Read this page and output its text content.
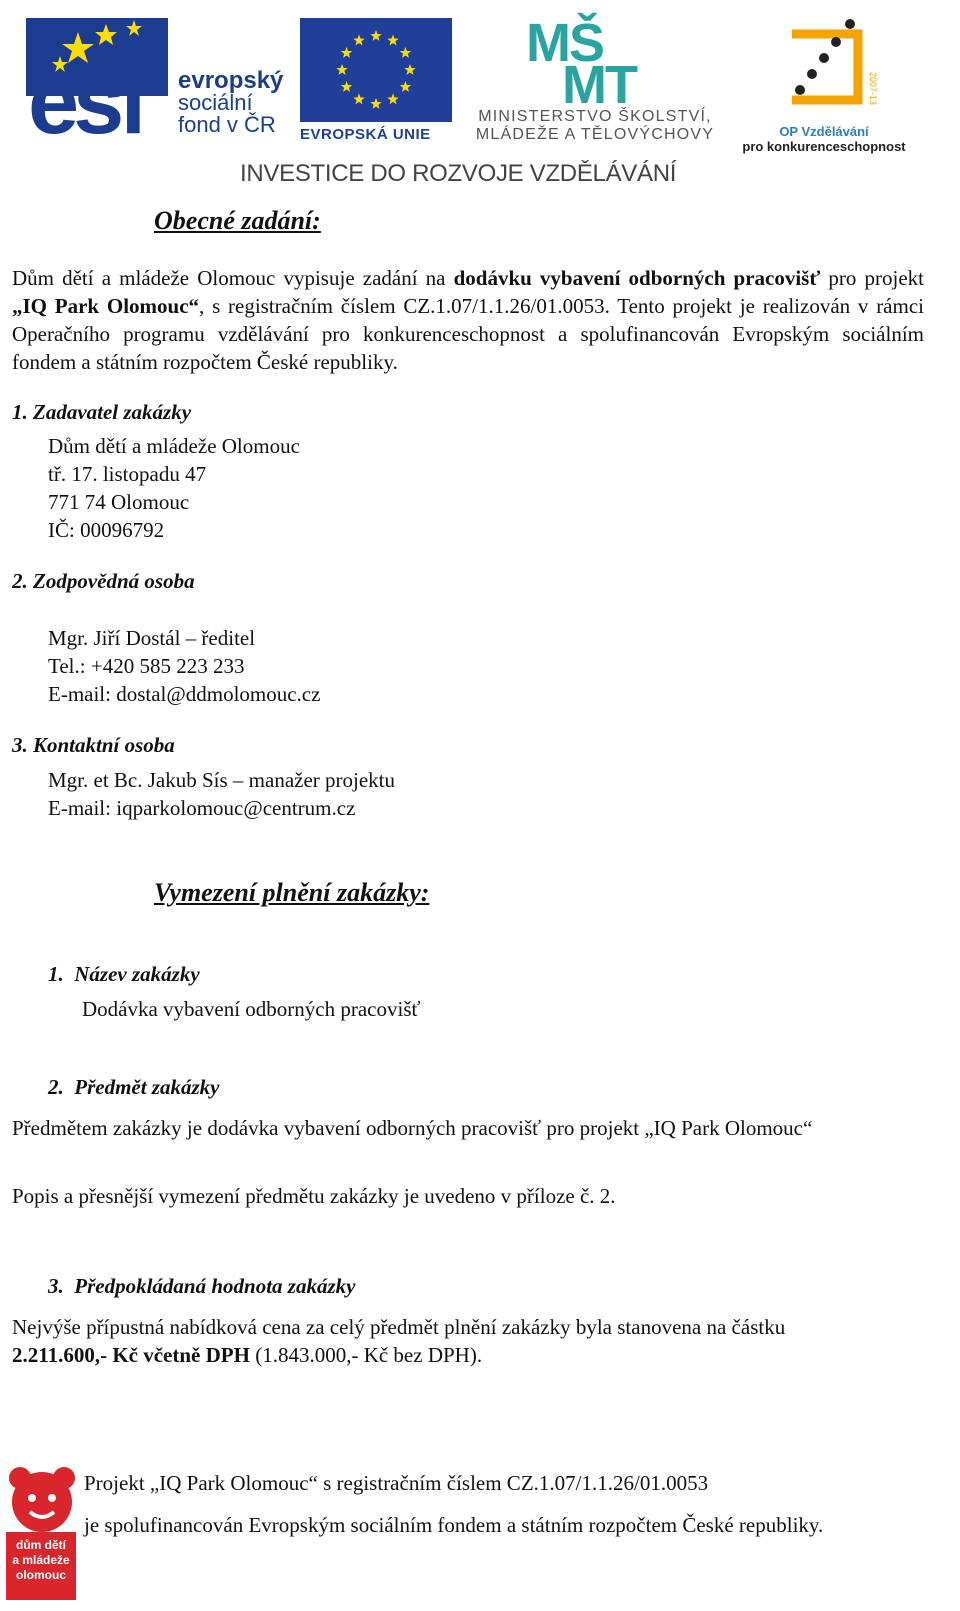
esf evropský
sociální
fond v ČR	EVROPSKÁ UNIE
MŠ
MT
MINISTERSTVO ŠKOLSTVÍ,
MLÁDEŽE A TĚLOVÝCHOVY
2007-13
OP Vzdělávání
pro konkurenceschopnost
INVESTICE DO ROZVOJE VZDĚLÁVÁNÍ
Obecné zadání:
Dům dětí a mládeže Olomouc vypisuje zadání na dodávku vybavení odborných pracovišť pro projekt „IQ Park Olomouc“, s registračním číslem CZ.1.07/1.1.26/01.0053. Tento projekt je realizován v rámci Operačního programu vzdělávání pro konkurenceschopnost a spolufinancován Evropským sociálním fondem a státním rozpočtem České republiky.
1. Zadavatel zakázky
Dům dětí a mládeže Olomouc
tř. 17. listopadu 47
771 74 Olomouc
IČ: 00096792
2. Zodpovědná osoba
Mgr. Jiří Dostál – ředitel
Tel.: +420 585 223 233
E-mail: dostal@ddmolomouc.cz
3. Kontaktní osoba
Mgr. et Bc. Jakub Sís – manažer projektu
E-mail: iqparkolomouc@centrum.cz
Vymezení plnění zakázky:
1.  Název zakázky
Dodávka vybavení odborných pracovišť
2.  Předmět zakázky
Předmětem zakázky je dodávka vybavení odborných pracovišť pro projekt „IQ Park Olomouc“
Popis a přesnější vymezení předmětu zakázky je uvedeno v příloze č. 2.
3.  Předpokládaná hodnota zakázky
Nejvýše přípustná nabídková cena za celý předmět plnění zakázky byla stanovena na částku
2.211.600,- Kč včetně DPH (1.843.000,- Kč bez DPH).
dům dětí
a mládeže
olomouc
Projekt „IQ Park Olomouc“ s registračním číslem CZ.1.07/1.1.26/01.0053
je spolufinancován Evropským sociálním fondem a státním rozpočtem České republiky.
